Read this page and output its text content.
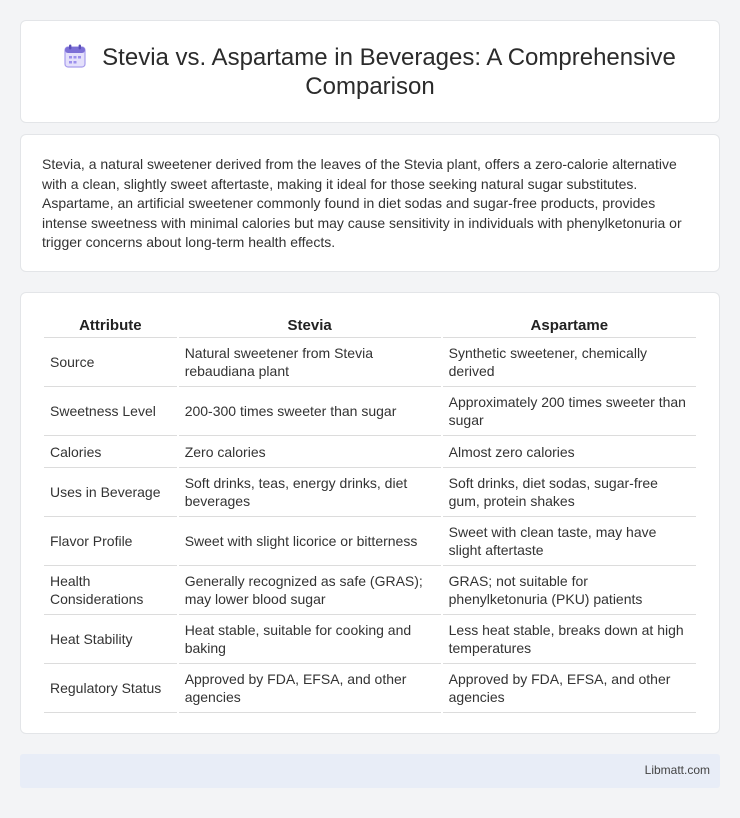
Stevia vs. Aspartame in Beverages: A Comprehensive Comparison

Stevia, a natural sweetener derived from the leaves of the Stevia plant, offers a zero-calorie alternative with a clean, slightly sweet aftertaste, making it ideal for those seeking natural sugar substitutes. Aspartame, an artificial sweetener commonly found in diet sodas and sugar-free products, provides intense sweetness with minimal calories but may cause sensitivity in individuals with phenylketonuria or trigger concerns about long-term health effects.

Attribute	Stevia	Aspartame
Source	Natural sweetener from Stevia rebaudiana plant	Synthetic sweetener, chemically derived
Sweetness Level	200-300 times sweeter than sugar	Approximately 200 times sweeter than sugar
Calories	Zero calories	Almost zero calories
Uses in Beverage	Soft drinks, teas, energy drinks, diet beverages	Soft drinks, diet sodas, sugar-free gum, protein shakes
Flavor Profile	Sweet with slight licorice or bitterness	Sweet with clean taste, may have slight aftertaste
Health Considerations	Generally recognized as safe (GRAS); may lower blood sugar	GRAS; not suitable for phenylketonuria (PKU) patients
Heat Stability	Heat stable, suitable for cooking and baking	Less heat stable, breaks down at high temperatures
Regulatory Status	Approved by FDA, EFSA, and other agencies	Approved by FDA, EFSA, and other agencies
Libmatt.com
